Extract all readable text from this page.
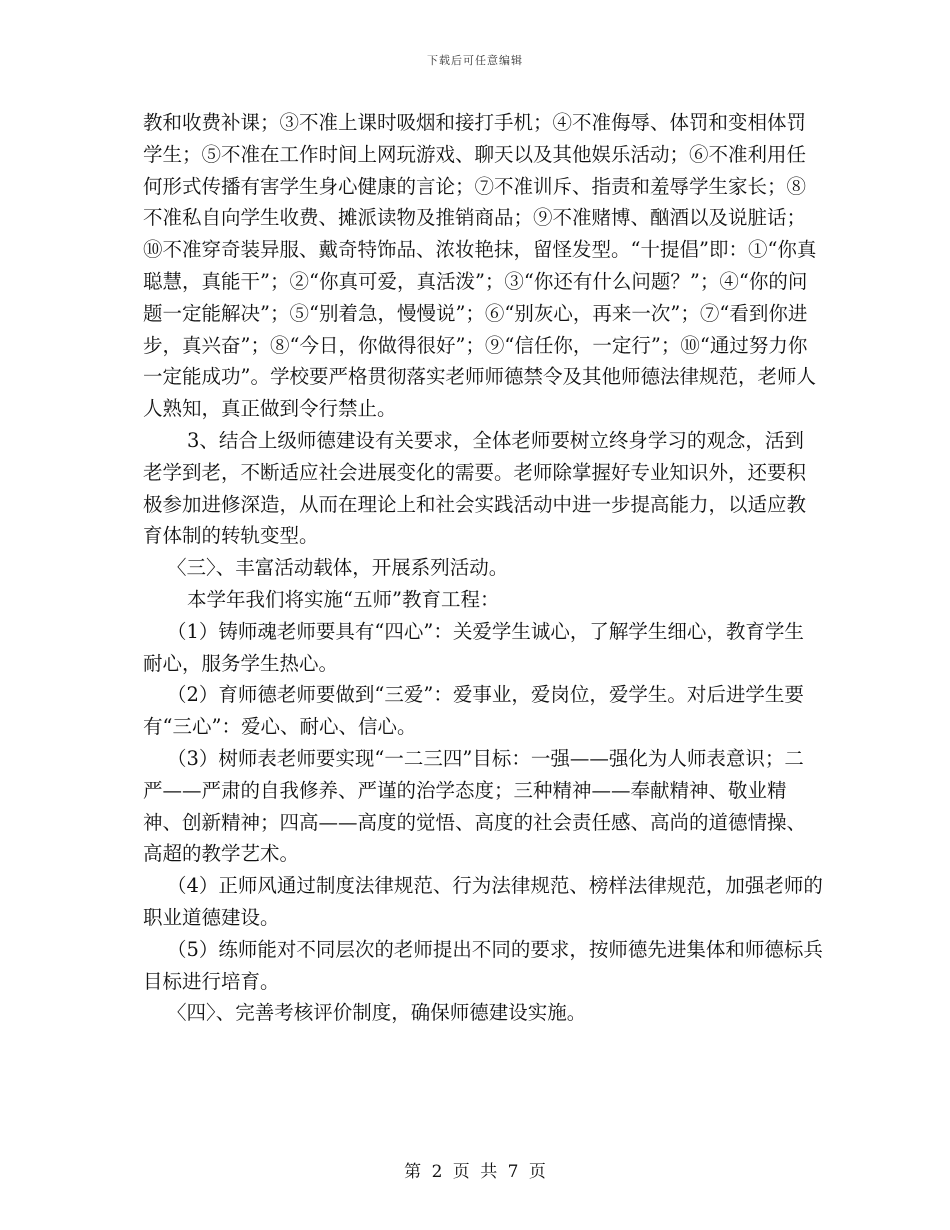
下载后可任意编辑

教和收费补课；③不准上课时吸烟和接打手机；④不准侮辱、体罚和变相体罚学生；⑤不准在工作时间上网玩游戏、聊天以及其他娱乐活动；⑥不准利用任何形式传播有害学生身心健康的言论；⑦不准训斥、指责和羞辱学生家长；⑧不准私自向学生收费、摊派读物及推销商品；⑨不准赌博、酗酒以及说脏话；⑩不准穿奇装异服、戴奇特饰品、浓妆艳抹，留怪发型。“十提倡”即：①“你真聪慧，真能干”；②“你真可爱，真活泼”；③“你还有什么问题？”；④“你的问题一定能解决”；⑤“别着急，慢慢说”；⑥“别灰心，再来一次”；⑦“看到你进步，真兴奋”；⑧“今日，你做得很好”；⑨“信任你，一定行”；⑩“通过努力你一定能成功”。学校要严格贯彻落实老师师德禁令及其他师德法律规范，老师人人熟知，真正做到令行禁止。

3、结合上级师德建设有关要求，全体老师要树立终身学习的观念，活到老学到老，不断适应社会进展变化的需要。老师除掌握好专业知识外，还要积极参加进修深造，从而在理论上和社会实践活动中进一步提高能力，以适应教育体制的转轨变型。

〈三〉、丰富活动载体，开展系列活动。

本学年我们将实施“五师”教育工程：

（1）铸师魂老师要具有“四心”：关爱学生诚心，了解学生细心，教育学生耐心，服务学生热心。

（2）育师德老师要做到“三爱”：爱事业，爱岗位，爱学生。对后进学生要有“三心”：爱心、耐心、信心。

（3）树师表老师要实现“一二三四”目标：一强——强化为人师表意识；二严——严肃的自我修养、严谨的治学态度；三种精神——奉献精神、敬业精神、创新精神；四高——高度的觉悟、高度的社会责任感、高尚的道德情操、高超的教学艺术。

（4）正师风通过制度法律规范、行为法律规范、榜样法律规范，加强老师的职业道德建设。

（5）练师能对不同层次的老师提出不同的要求，按师德先进集体和师德标兵目标进行培育。

〈四〉、完善考核评价制度，确保师德建设实施。

第 2 页 共 7 页
